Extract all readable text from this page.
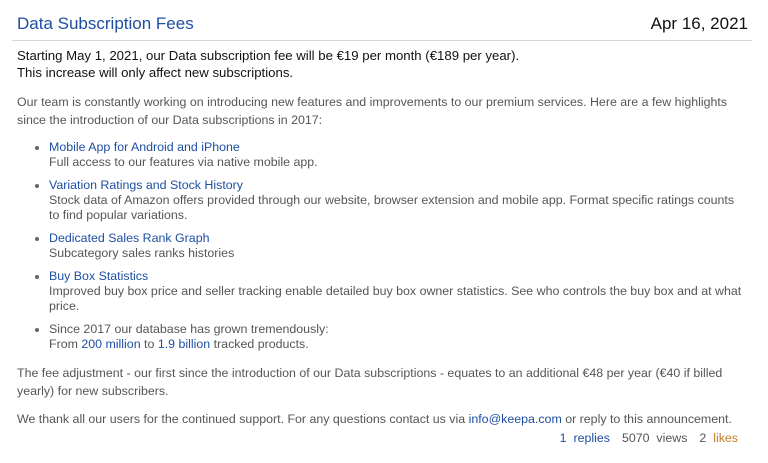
Data Subscription Fees	Apr 16, 2021
Starting May 1, 2021, our Data subscription fee will be €19 per month (€189 per year).
This increase will only affect new subscriptions.

Our team is constantly working on introducing new features and improvements to our premium services. Here are a few highlights since the introduction of our Data subscriptions in 2017:

Mobile App for Android and iPhone
Full access to our features via native mobile app.
Variation Ratings and Stock History
Stock data of Amazon offers provided through our website, browser extension and mobile app. Format specific ratings counts to find popular variations.
Dedicated Sales Rank Graph
Subcategory sales ranks histories
Buy Box Statistics
Improved buy box price and seller tracking enable detailed buy box owner statistics. See who controls the buy box and at what price.
Since 2017 our database has grown tremendously:
From 200 million to 1.9 billion tracked products.

The fee adjustment - our first since the introduction of our Data subscriptions - equates to an additional €48 per year (€40 if billed yearly) for new subscribers.

We thank all our users for the continued support. For any questions contact us via info@keepa.com or reply to this announcement.

1 replies 5070
views 2 likes
